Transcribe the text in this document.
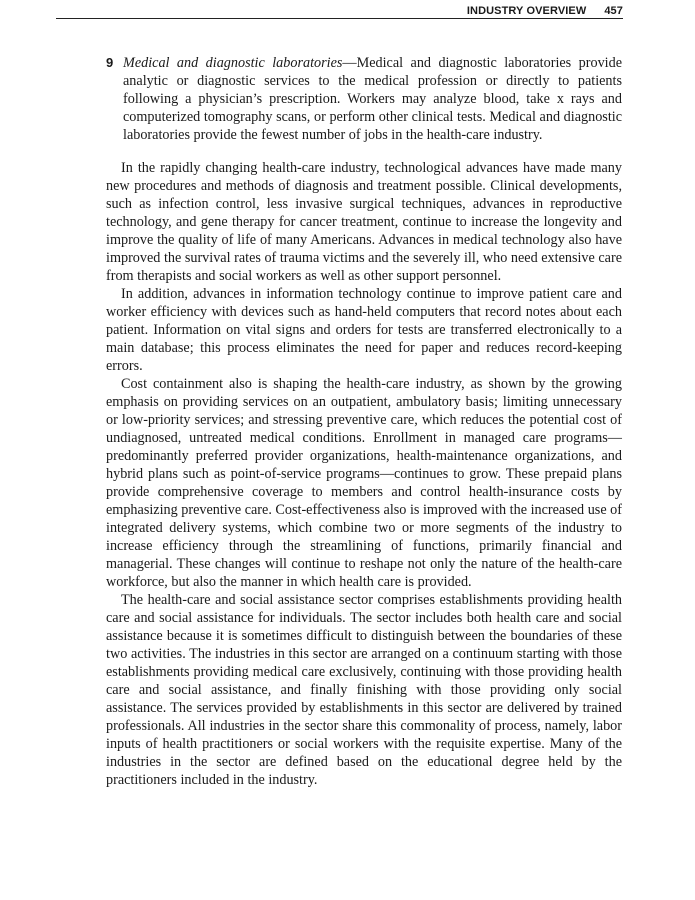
INDUSTRY OVERVIEW 457
9 Medical and diagnostic laboratories—Medical and diagnostic laboratories provide analytic or diagnostic services to the medical profession or directly to patients following a physician’s prescription. Workers may analyze blood, take x rays and computerized tomography scans, or perform other clinical tests. Medical and diagnostic laboratories provide the fewest number of jobs in the health-care industry.

In the rapidly changing health-care industry, technological advances have made many new procedures and methods of diagnosis and treatment possible. Clinical developments, such as infection control, less invasive surgical techniques, advances in reproductive technology, and gene therapy for cancer treatment, continue to increase the longevity and improve the quality of life of many Americans. Advances in medical technology also have improved the survival rates of trauma victims and the severely ill, who need extensive care from therapists and social workers as well as other support personnel.

In addition, advances in information technology continue to improve patient care and worker efficiency with devices such as hand-held computers that record notes about each patient. Information on vital signs and orders for tests are transferred electronically to a main database; this process eliminates the need for paper and reduces record-keeping errors.

Cost containment also is shaping the health-care industry, as shown by the growing emphasis on providing services on an outpatient, ambulatory basis; limiting unnecessary or low-priority services; and stressing preventive care, which reduces the potential cost of undiagnosed, untreated medical conditions. Enrollment in managed care programs—predominantly preferred provider organizations, health-maintenance organizations, and hybrid plans such as point-of-service programs—continues to grow. These prepaid plans provide comprehensive coverage to members and control health-insurance costs by emphasizing preventive care. Cost-effectiveness also is improved with the increased use of integrated delivery systems, which combine two or more segments of the industry to increase efficiency through the streamlining of functions, primarily financial and managerial. These changes will continue to reshape not only the nature of the health-care workforce, but also the manner in which health care is provided.

The health-care and social assistance sector comprises establishments providing health care and social assistance for individuals. The sector includes both health care and social assistance because it is sometimes difficult to distinguish between the boundaries of these two activities. The industries in this sector are arranged on a continuum starting with those establishments providing medical care exclusively, continuing with those providing health care and social assistance, and finally finishing with those providing only social assistance. The services provided by establishments in this sector are delivered by trained professionals. All industries in the sector share this commonality of process, namely, labor inputs of health practitioners or social workers with the requisite expertise. Many of the industries in the sector are defined based on the educational degree held by the practitioners included in the industry.
